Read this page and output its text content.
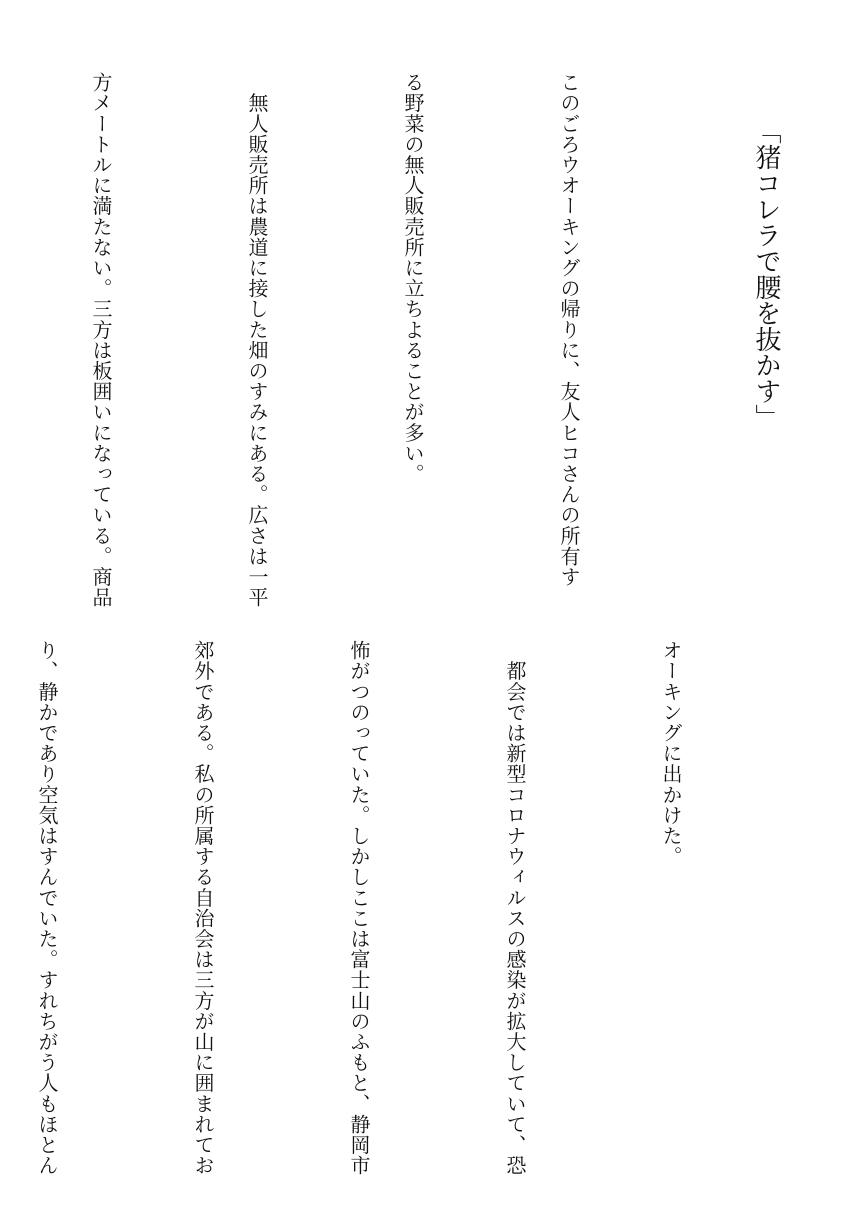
「猪コレラで腰を抜かす」

このごろウオーキングの帰りに、友人ヒコさんの所有す

る野菜の無人販売所に立ちよることが多い。

　無人販売所は農道に接した畑のすみにある。広さは一平

方メートルに満たない。三方は板囲いになっている。商品

オーキングに出かけた。

　都会では新型コロナウィルスの感染が拡大していて、恐

怖がつのっていた。しかしここは富士山のふもと、静岡市

郊外である。私の所属する自治会は三方が山に囲まれてお

り、静かであり空気はすんでいた。すれちがう人もほとん
